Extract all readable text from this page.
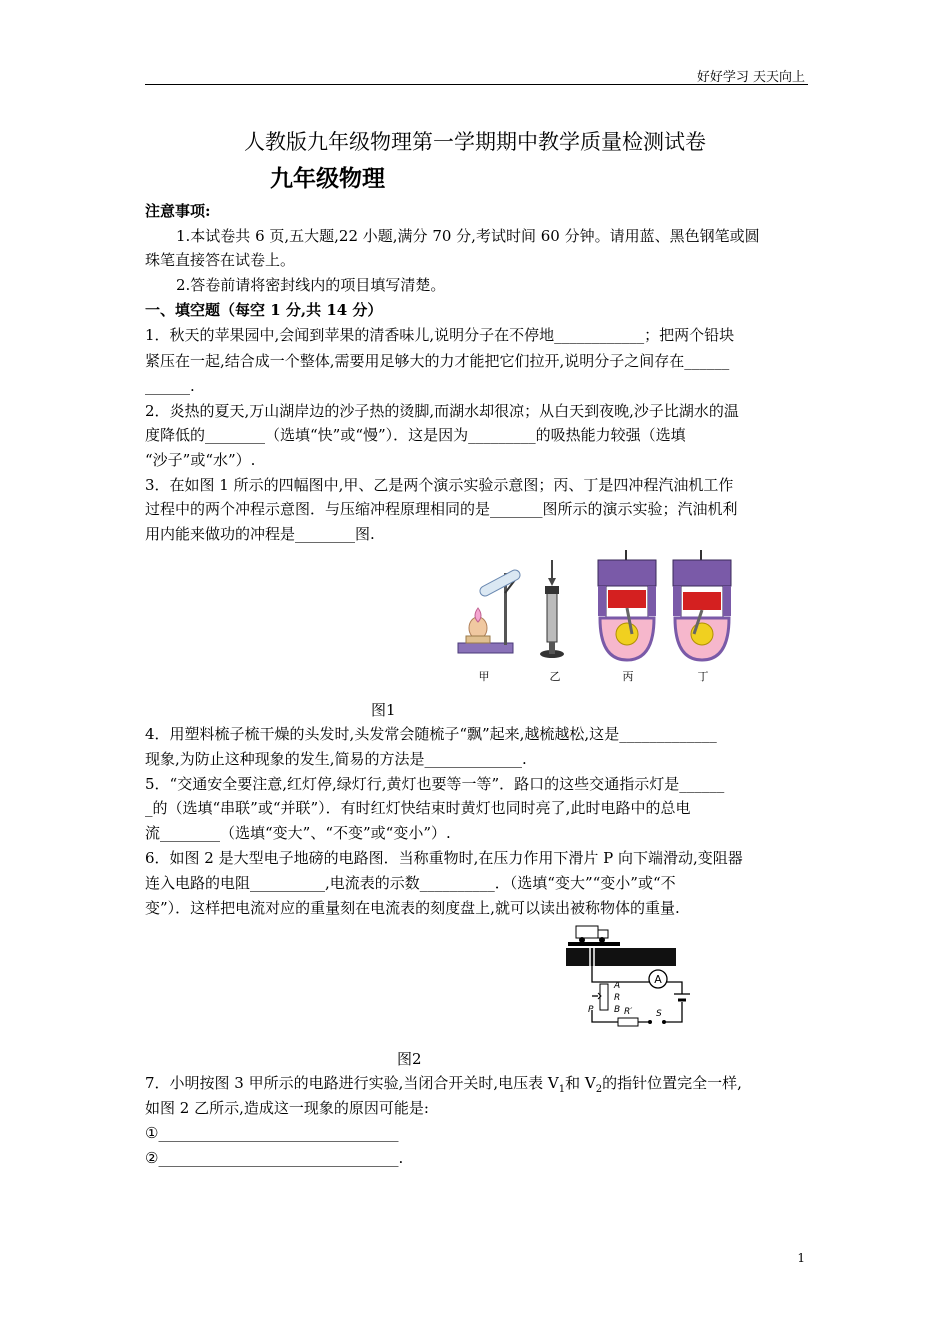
好好学习 天天向上
人教版九年级物理第一学期期中教学质量检测试卷
九年级物理
注意事项:
1.本试卷共 6 页,五大题,22 小题,满分 70 分,考试时间 60 分钟。请用蓝、黑色钢笔或圆
珠笔直接答在试卷上。
2.答卷前请将密封线内的项目填写清楚。
一、填空题（每空 1 分,共 14 分）
1．秋天的苹果园中,会闻到苹果的清香味儿,说明分子在不停地____________；把两个铅块
紧压在一起,结合成一个整体,需要用足够大的力才能把它们拉开,说明分子之间存在______
______.
2．炎热的夏天,万山湖岸边的沙子热的烫脚,而湖水却很凉；从白天到夜晚,沙子比湖水的温
度降低的________（选填“快”或“慢”）．这是因为_________的吸热能力较强（选填
“沙子”或“水”）.
3．在如图 1 所示的四幅图中,甲、乙是两个演示实验示意图；丙、丁是四冲程汽油机工作
过程中的两个冲程示意图．与压缩冲程原理相同的是_______图所示的演示实验；汽油机利
用内能来做功的冲程是________图.
甲	乙	丙	丁
图1
4．用塑料梳子梳干燥的头发时,头发常会随梳子“飘”起来,越梳越松,这是_____________
现象,为防止这种现象的发生,简易的方法是_____________.
5．“交通安全要注意,红灯停,绿灯行,黄灯也要等一等”．路口的这些交通指示灯是______
_的（选填“串联”或“并联”）．有时红灯快结束时黄灯也同时亮了,此时电路中的总电
流________（选填“变大”、“不变”或“变小”）.
6．如图 2 是大型电子地磅的电路图．当称重物时,在压力作用下滑片 P 向下端滑动,变阻器
连入电路的电阻__________,电流表的示数__________．（选填“变大”“变小”或“不
变”）．这样把电流对应的重量刻在电流表的刻度盘上,就可以读出被称物体的重量.
A
A
R
B
P	R′	S
图2
7．小明按图 3 甲所示的电路进行实验,当闭合开关时,电压表 $V_1$和 $V_2$的指针位置完全一样,
如图 2 乙所示,造成这一现象的原因可能是:
①________________________________
②________________________________.
1
